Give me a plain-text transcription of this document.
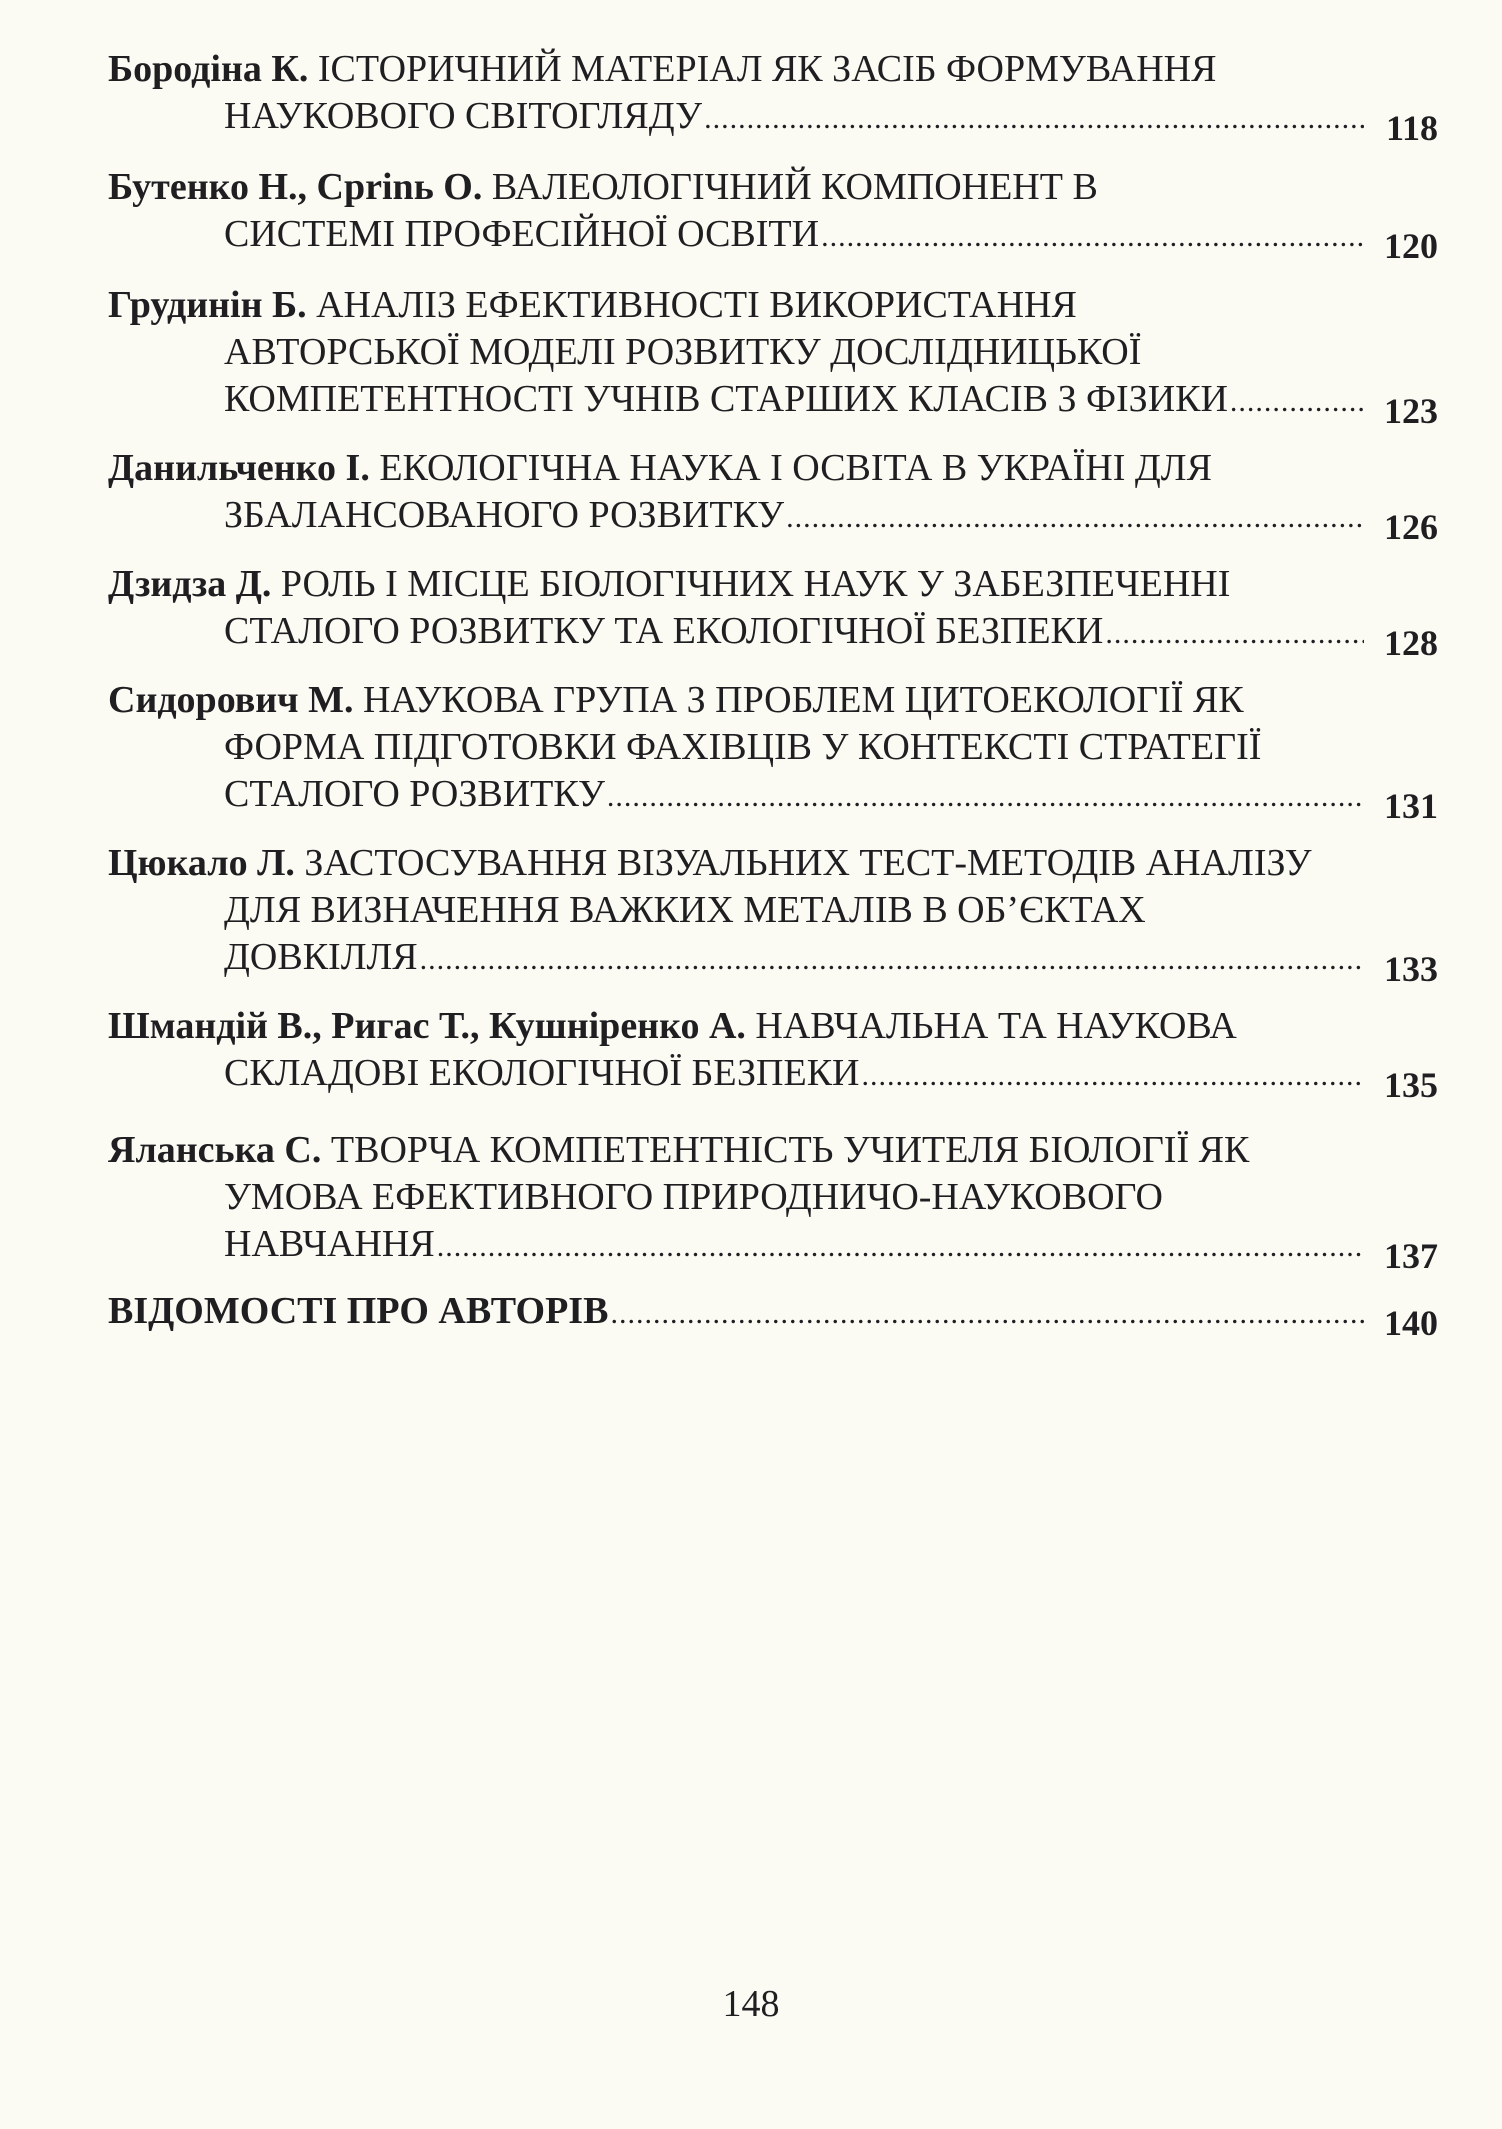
Бородіна К. ІСТОРИЧНИЙ МАТЕРІАЛ ЯК ЗАСІБ ФОРМУВАННЯ
НАУКОВОГО СВІТОГЛЯДУ .....	118
Бутенко Н., Сprinь О. ВАЛЕОЛОГІЧНИЙ КОМПОНЕНТ В
СИСТЕМІ ПРОФЕСІЙНОЇ ОСВІТИ .....	120
Грудинін Б. АНАЛІЗ ЕФЕКТИВНОСТІ ВИКОРИСТАННЯ
АВТОРСЬКОЇ МОДЕЛІ РОЗВИТКУ ДОСЛІДНИЦЬКОЇ
КОМПЕТЕНТНОСТІ УЧНІВ СТАРШИХ КЛАСІВ З ФІЗИКИ .....	123
Данильченко І. ЕКОЛОГІЧНА НАУКА І ОСВІТА В УКРАЇНІ ДЛЯ
ЗБАЛАНСОВАНОГО РОЗВИТКУ .....	126
Дзидза Д. РОЛЬ І МІСЦЕ БІОЛОГІЧНИХ НАУК У ЗАБЕЗПЕЧЕННІ
СТАЛОГО РОЗВИТКУ ТА ЕКОЛОГІЧНОЇ БЕЗПЕКИ .....	128
Сидорович М. НАУКОВА ГРУПА З ПРОБЛЕМ ЦИТОЕКОЛОГІЇ ЯК
ФОРМА ПІДГОТОВКИ ФАХІВЦІВ У КОНТЕКСТІ СТРАТЕГІЇ
СТАЛОГО РОЗВИТКУ .....	131
Цюкало Л. ЗАСТОСУВАННЯ ВІЗУАЛЬНИХ ТЕСТ-МЕТОДІВ АНАЛІЗУ
ДЛЯ ВИЗНАЧЕННЯ ВАЖКИХ МЕТАЛІВ В ОБ’ЄКТАХ
ДОВКІЛЛЯ .....	133
Шмандій В., Ригас Т., Кушніренко А. НАВЧАЛЬНА ТА НАУКОВА
СКЛАДОВІ ЕКОЛОГІЧНОЇ БЕЗПЕКИ .....	135
Яланська С. ТВОРЧА КОМПЕТЕНТНІСТЬ УЧИТЕЛЯ БІОЛОГІЇ ЯК
УМОВА ЕФЕКТИВНОГО ПРИРОДНИЧО-НАУКОВОГО
НАВЧАННЯ .....	137
ВІДОМОСТІ ПРО АВТОРІВ .....	140
148
